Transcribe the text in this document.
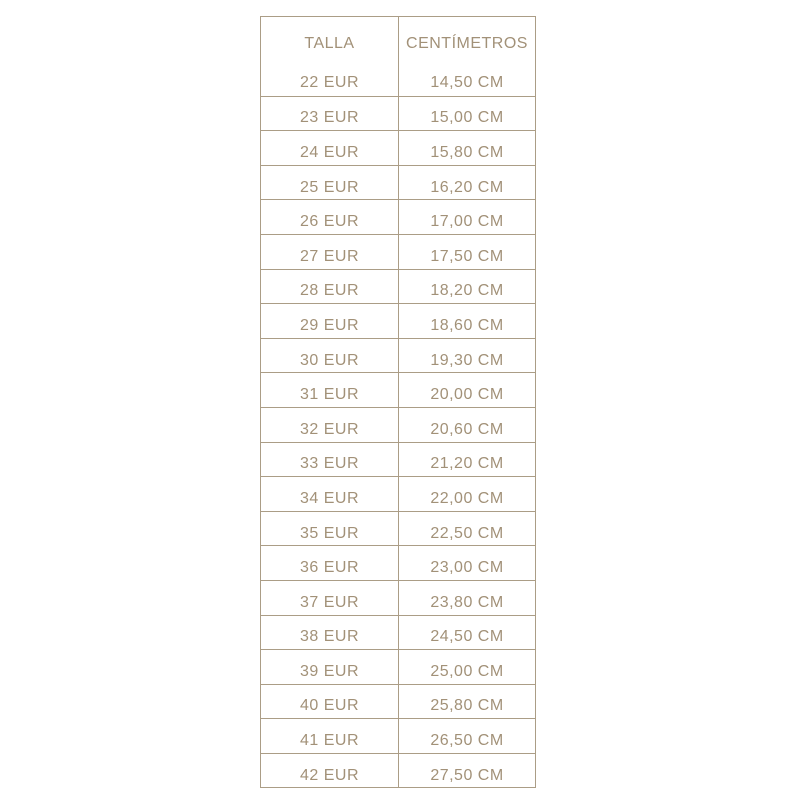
TALLA	CENTÍMETROS
22 EUR	14,50 CM
23 EUR	15,00 CM
24 EUR	15,80 CM
25 EUR	16,20 CM
26 EUR	17,00 CM
27 EUR	17,50 CM
28 EUR	18,20 CM
29 EUR	18,60 CM
30 EUR	19,30 CM
31 EUR	20,00 CM
32 EUR	20,60 CM
33 EUR	21,20 CM
34 EUR	22,00 CM
35 EUR	22,50 CM
36 EUR	23,00 CM
37 EUR	23,80 CM
38 EUR	24,50 CM
39 EUR	25,00 CM
40 EUR	25,80 CM
41 EUR	26,50 CM
42 EUR	27,50 CM
